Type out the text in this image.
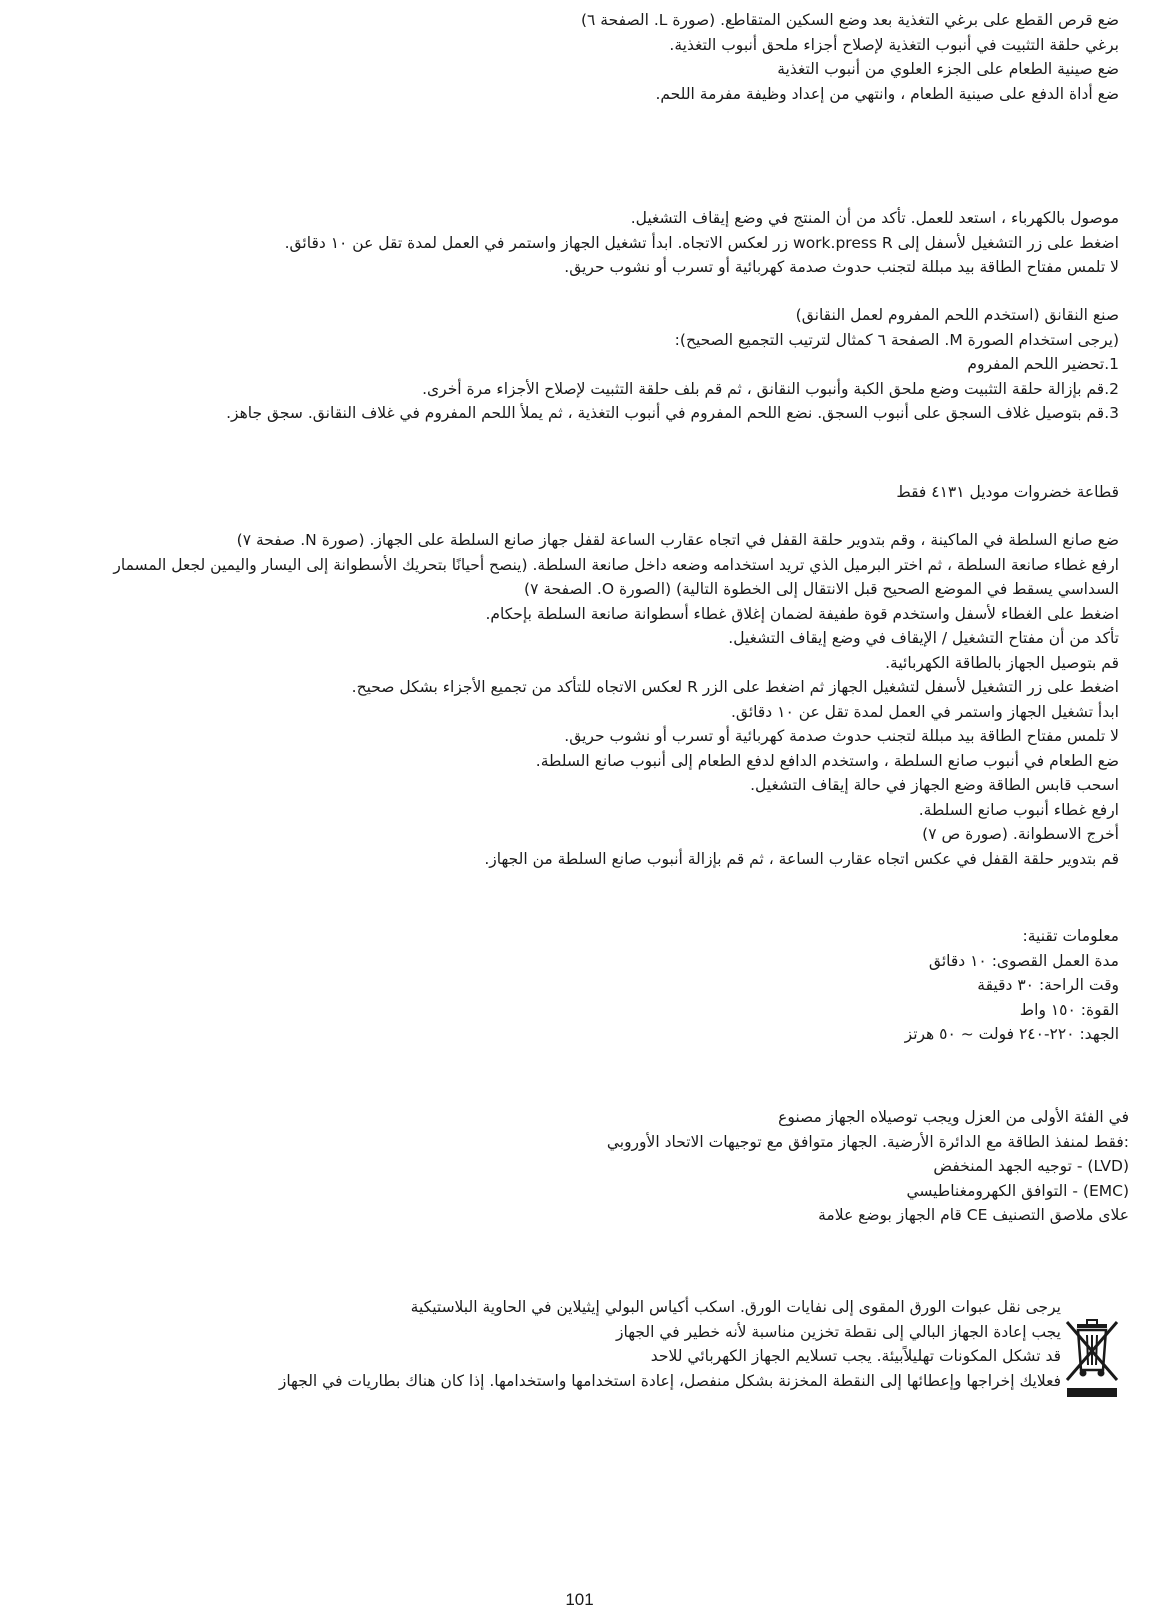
ضع قرص القطع على برغي التغذية بعد وضع السكين المتقاطع. (صورة L. الصفحة ٦)

برغي حلقة التثبيت في أنبوب التغذية لإصلاح أجزاء ملحق أنبوب التغذية.

ضع صينية الطعام على الجزء العلوي من أنبوب التغذية

ضع أداة الدفع على صينية الطعام ، وانتهي من إعداد وظيفة مفرمة اللحم.

موصول بالكهرباء ، استعد للعمل. تأكد من أن المنتج في وضع إيقاف التشغيل.

اضغط على زر التشغيل لأسفل إلى work.press R زر لعكس الاتجاه. ابدأ تشغيل الجهاز واستمر في العمل لمدة تقل عن ١٠ دقائق.

لا تلمس مفتاح الطاقة بيد مبللة لتجنب حدوث صدمة كهربائية أو تسرب أو نشوب حريق.

صنع النقانق (استخدم اللحم المفروم لعمل النقانق)

(يرجى استخدام الصورة M. الصفحة ٦ كمثال لترتيب التجميع الصحيح):

1.تحضير اللحم المفروم

2.قم بإزالة حلقة التثبيت وضع ملحق الكبة وأنبوب النقانق ، ثم قم بلف حلقة التثبيت لإصلاح الأجزاء مرة أخرى.

3.قم بتوصيل غلاف السجق على أنبوب السجق. نضع اللحم المفروم في أنبوب التغذية ، ثم يملأ اللحم المفروم في غلاف النقانق. سجق جاهز.

قطاعة خضروات موديل ٤١٣١ فقط

ضع صانع السلطة في الماكينة ، وقم بتدوير حلقة القفل في اتجاه عقارب الساعة لقفل جهاز صانع السلطة على الجهاز. (صورة N. صفحة ٧)

ارفع غطاء صانعة السلطة ، ثم اختر البرميل الذي تريد استخدامه وضعه داخل صانعة السلطة. (ينصح أحيانًا بتحريك الأسطوانة إلى اليسار واليمين لجعل المسمار

السداسي يسقط في الموضع الصحيح قبل الانتقال إلى الخطوة التالية) (الصورة O. الصفحة ٧)

اضغط على الغطاء لأسفل واستخدم قوة طفيفة لضمان إغلاق غطاء أسطوانة صانعة السلطة بإحكام.

تأكد من أن مفتاح التشغيل / الإيقاف في وضع إيقاف التشغيل.

قم بتوصيل الجهاز بالطاقة الكهربائية.

اضغط على زر التشغيل لأسفل لتشغيل الجهاز ثم اضغط على الزر R لعكس الاتجاه للتأكد من تجميع الأجزاء بشكل صحيح.

ابدأ تشغيل الجهاز واستمر في العمل لمدة تقل عن ١٠ دقائق.

لا تلمس مفتاح الطاقة بيد مبللة لتجنب حدوث صدمة كهربائية أو تسرب أو نشوب حريق.

ضع الطعام في أنبوب صانع السلطة ، واستخدم الدافع لدفع الطعام إلى أنبوب صانع السلطة.

اسحب قابس الطاقة وضع الجهاز في حالة إيقاف التشغيل.

ارفع غطاء أنبوب صانع السلطة.

أخرج الاسطوانة. (صورة ص ٧)

قم بتدوير حلقة القفل في عكس اتجاه عقارب الساعة ، ثم قم بإزالة أنبوب صانع السلطة من الجهاز.

معلومات تقنية:

مدة العمل القصوى: ١٠ دقائق

وقت الراحة: ٣٠ دقيقة

القوة: ١٥٠ واط

الجهد: ٢٢٠-٢٤٠ فولت ~ ٥٠ هرتز

في الفئة الأولى من العزل ويجب توصيلاه الجهاز مصنوع

:فقط لمنفذ الطاقة مع الدائرة الأرضية. الجهاز متوافق مع توجيهات الاتحاد الأوروبي

(LVD) - توجيه الجهد المنخفض

(EMC) - التوافق الكهرومغناطيسي

علاى ملاصق التصنيف CE قام الجهاز بوضع علامة

يرجى نقل عبوات الورق المقوى إلى نفايات الورق. اسكب أكياس البولي إيثيلاين في الحاوية البلاستيكية

يجب إعادة الجهاز البالي إلى نقطة تخزين مناسبة لأنه خطير في الجهاز

قد تشكل المكونات تهليلاًبيئة. يجب تسلايم الجهاز الكهربائي للاحد

فعلايك إخراجها وإعطائها إلى النقطة المخزنة بشكل منفصل، إعادة استخدامها واستخدامها. إذا كان هناك بطاريات في الجهاز

101
